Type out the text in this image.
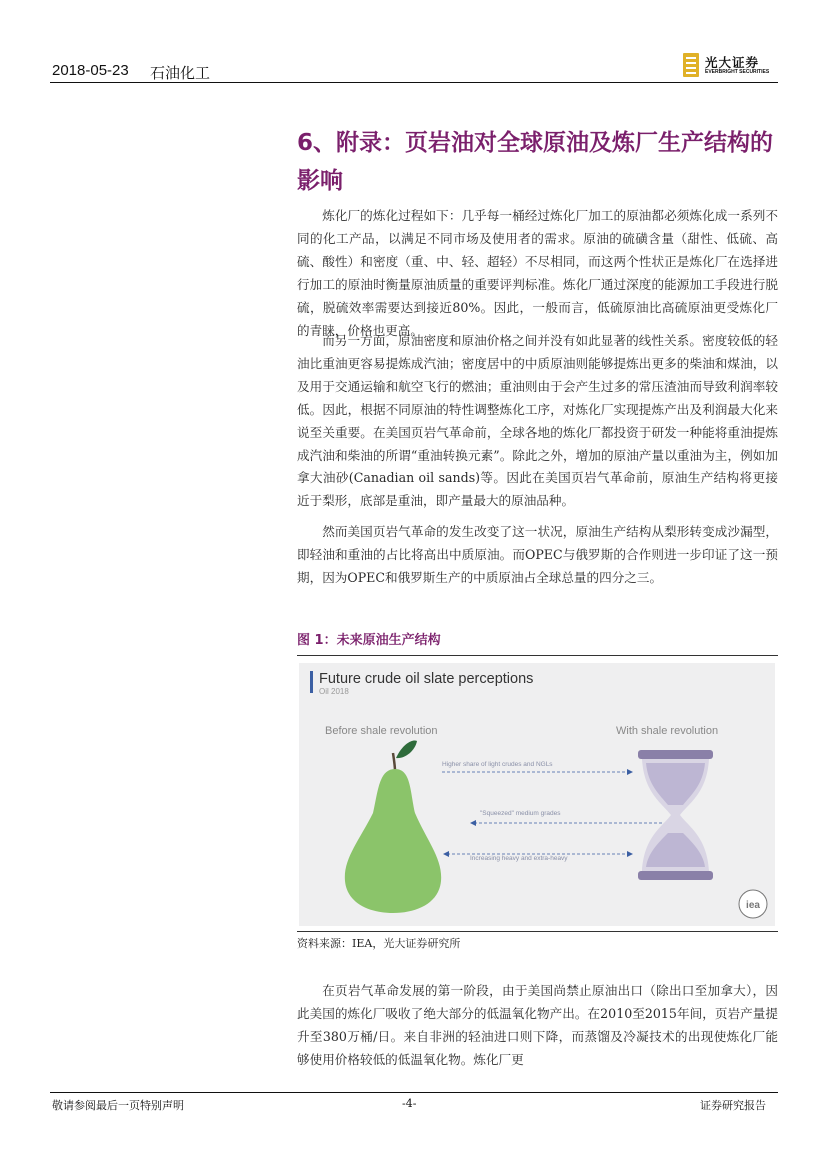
2018-05-23 石油化工
光大证券
EVERBRIGHT SECURITIES
6、附录：页岩油对全球原油及炼厂生产结构的影响

炼化厂的炼化过程如下：几乎每一桶经过炼化厂加工的原油都必须炼化成一系列不同的化工产品，以满足不同市场及使用者的需求。原油的硫磺含量（甜性、低硫、高硫、酸性）和密度（重、中、轻、超轻）不尽相同，而这两个性状正是炼化厂在选择进行加工的原油时衡量原油质量的重要评判标准。炼化厂通过深度的能源加工手段进行脱硫，脱硫效率需要达到接近80%。因此，一般而言，低硫原油比高硫原油更受炼化厂的青睐，价格也更高。

而另一方面，原油密度和原油价格之间并没有如此显著的线性关系。密度较低的轻油比重油更容易提炼成汽油；密度居中的中质原油则能够提炼出更多的柴油和煤油，以及用于交通运输和航空飞行的燃油；重油则由于会产生过多的常压渣油而导致利润率较低。因此，根据不同原油的特性调整炼化工序，对炼化厂实现提炼产出及利润最大化来说至关重要。在美国页岩气革命前，全球各地的炼化厂都投资于研发一种能将重油提炼成汽油和柴油的所谓“重油转换元素”。除此之外，增加的原油产量以重油为主，例如加拿大油砂(Canadian oil sands)等。因此在美国页岩气革命前，原油生产结构将更接近于梨形，底部是重油，即产量最大的原油品种。

然而美国页岩气革命的发生改变了这一状况，原油生产结构从梨形转变成沙漏型，即轻油和重油的占比将高出中质原油。而OPEC与俄罗斯的合作则进一步印证了这一预期，因为OPEC和俄罗斯生产的中质原油占全球总量的四分之三。

图 1：未来原油生产结构
Future crude oil slate perceptions
Oil 2018
Before shale revolution	With shale revolution
Higher share of light crudes and NGLs
"Squeezed" medium grades
Increasing heavy and extra-heavy
iea
资料来源：IEA，光大证券研究所

在页岩气革命发展的第一阶段，由于美国尚禁止原油出口（除出口至加拿大），因此美国的炼化厂吸收了绝大部分的低温氧化物产出。在2010至2015年间，页岩产量提升至380万桶/日。来自非洲的轻油进口则下降，而蒸馏及冷凝技术的出现使炼化厂能够使用价格较低的低温氧化物。炼化厂更

敬请参阅最后一页特别声明	-4-	证券研究报告
